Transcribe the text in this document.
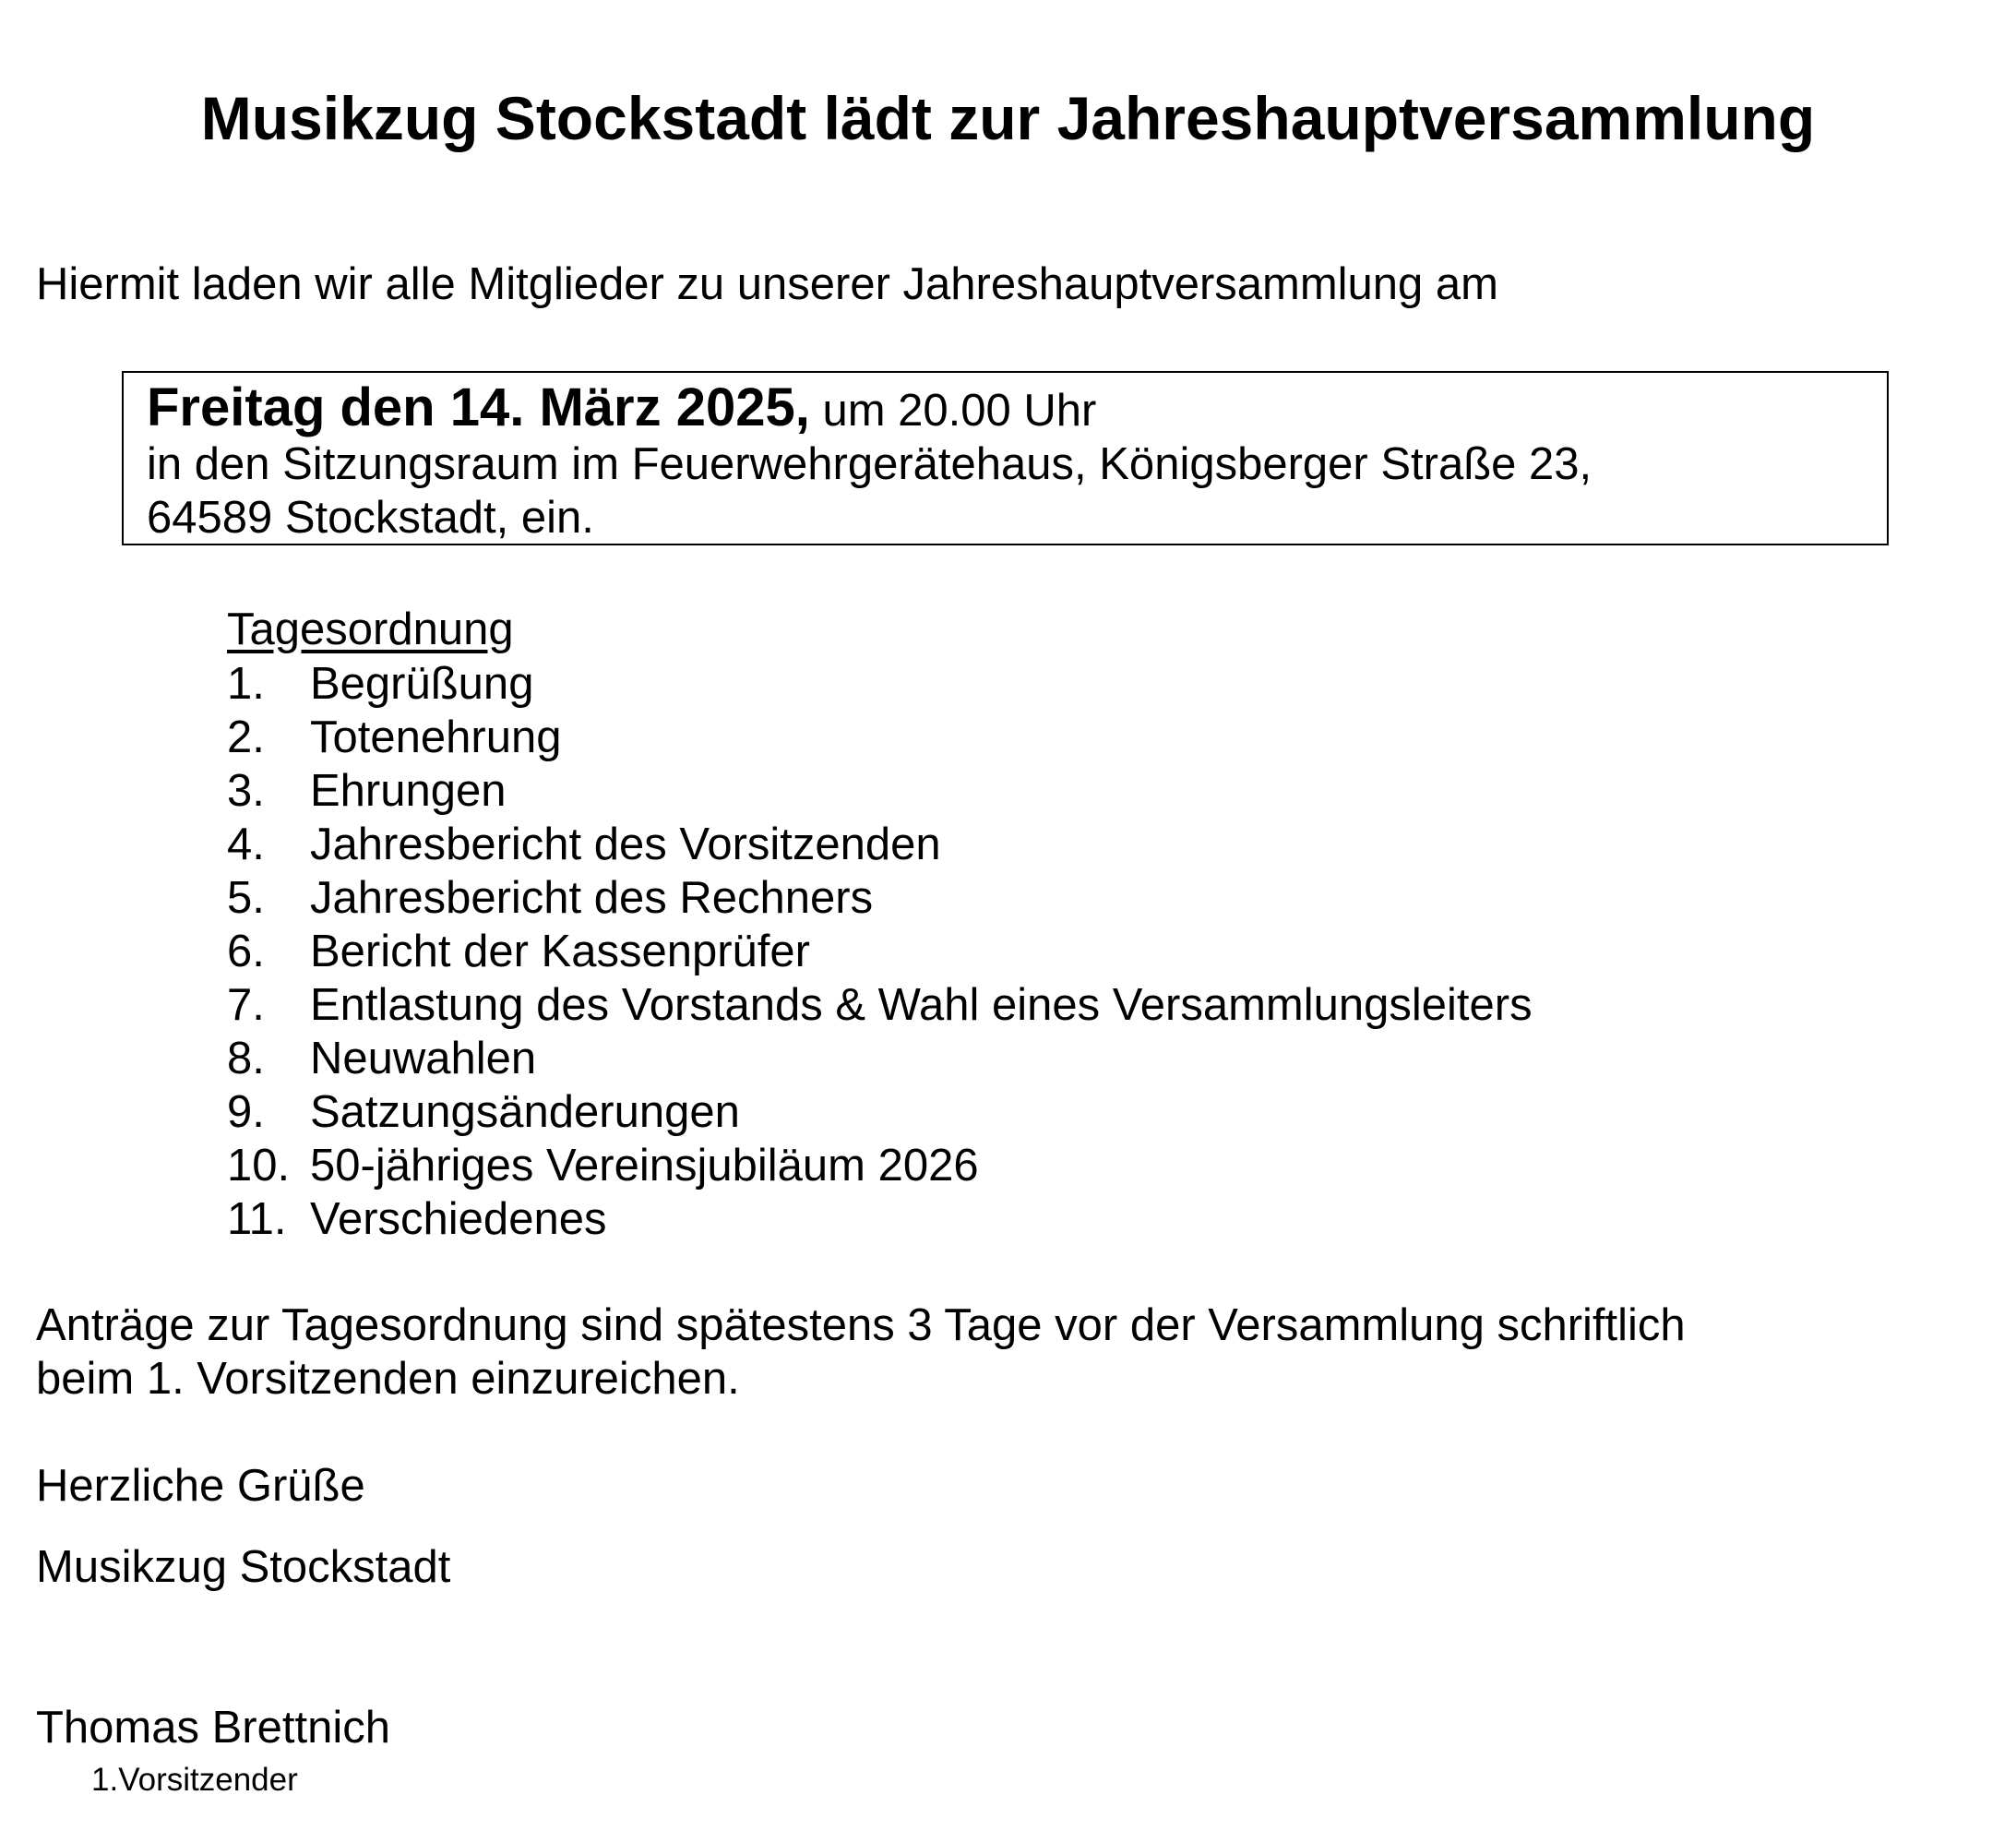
Musikzug Stockstadt lädt zur Jahreshauptversammlung
Hiermit laden wir alle Mitglieder zu unserer Jahreshauptversammlung am
Freitag den 14. März 2025, um 20.00 Uhr
in den Sitzungsraum im Feuerwehrgerätehaus, Königsberger Straße 23,
64589 Stockstadt, ein.
Tagesordnung
1. Begrüßung
2. Totenehrung
3. Ehrungen
4. Jahresbericht des Vorsitzenden
5. Jahresbericht des Rechners
6. Bericht der Kassenprüfer
7. Entlastung des Vorstands & Wahl eines Versammlungsleiters
8. Neuwahlen
9. Satzungsänderungen
10. 50-jähriges Vereinsjubiläum 2026
11. Verschiedenes
Anträge zur Tagesordnung sind spätestens 3 Tage vor der Versammlung schriftlich
beim 1. Vorsitzenden einzureichen.
Herzliche Grüße
Musikzug Stockstadt
Thomas Brettnich
1.Vorsitzender
